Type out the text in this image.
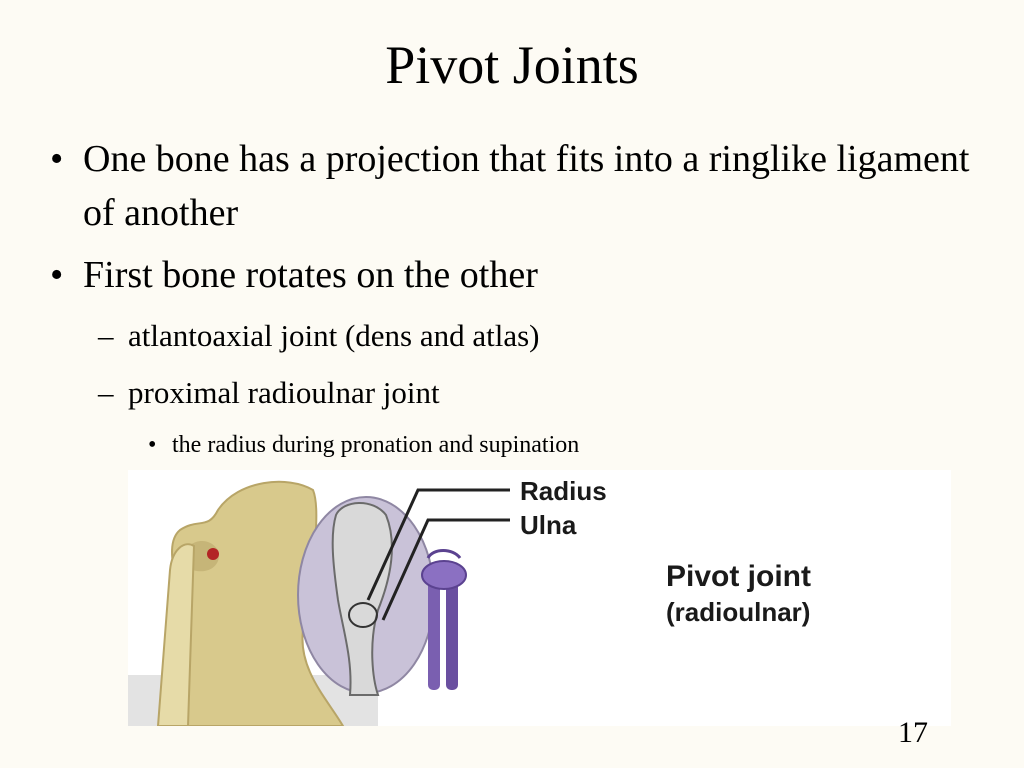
Pivot Joints
• One bone has a projection that fits into a ringlike ligament of another
• First bone rotates on the other
– atlantoaxial joint (dens and atlas)
– proximal radioulnar joint
• the radius during pronation and supination
Radius
Ulna
Pivot joint
(radioulnar)
17
